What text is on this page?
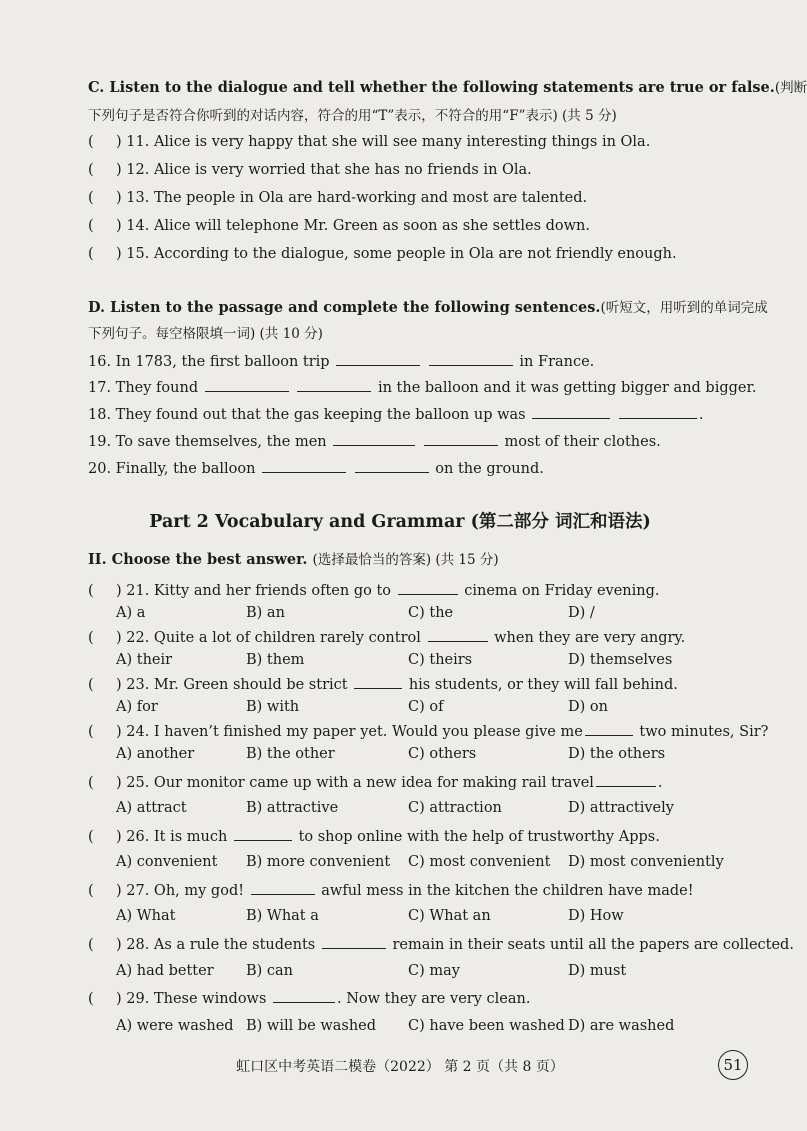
C. Listen to the dialogue and tell whether the following statements are true or false.(判断
下列句子是否符合你听到的对话内容，符合的用“T”表示，不符合的用“F”表示) (共 5 分)
( ) 11. Alice is very happy that she will see many interesting things in Ola.
( ) 12. Alice is very worried that she has no friends in Ola.
( ) 13. The people in Ola are hard-working and most are talented.
( ) 14. Alice will telephone Mr. Green as soon as she settles down.
( ) 15. According to the dialogue, some people in Ola are not friendly enough.
D. Listen to the passage and complete the following sentences.(听短文，用听到的单词完成
下列句子。每空格限填一词) (共 10 分)
16. In 1783, the first balloon trip	in France.
17. They found	in the balloon and it was getting bigger and bigger.
18. They found out that the gas keeping the balloon up was	.
19. To save themselves, the men	most of their clothes.
20. Finally, the balloon	on the ground.
Part 2 Vocabulary and Grammar (第二部分 词汇和语法)
II. Choose the best answer. (选择最恰当的答案) (共 15 分)
( ) 21. Kitty and her friends often go to	cinema on Friday evening.
A) a	B) an	C) the	D) /
( ) 22. Quite a lot of children rarely control	when they are very angry.
A) their	B) them	C) theirs	D) themselves
( ) 23. Mr. Green should be strict	his students, or they will fall behind.
A) for	B) with	C) of	D) on
( ) 24. I haven’t finished my paper yet. Would you please give me	two minutes, Sir?
A) another	B) the other	C) others	D) the others
( ) 25. Our monitor came up with a new idea for making rail travel	.
A) attract	B) attractive	C) attraction	D) attractively
( ) 26. It is much	to shop online with the help of trustworthy Apps.
A) convenient B) more convenient C) most convenient D) most conveniently
( ) 27. Oh, my god!	awful mess in the kitchen the children have made!
A) What	B) What a	C) What an	D) How
( ) 28. As a rule the students	remain in their seats until all the papers are collected.
A) had better B) can	C) may	D) must
( ) 29. These windows	. Now they are very clean.
A) were washed B) will be washed C) have been washed D) are washed
虹口区中考英语二模卷（2022） 第 2 页（共 8 页）	51
